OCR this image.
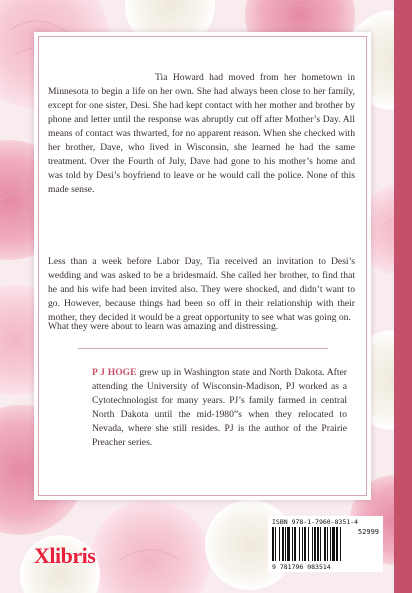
Tia Howard had moved from her hometown in Minnesota to begin a life on her own. She had always been close to her family, except for one sister, Desi. She had kept contact with her mother and brother by phone and letter until the response was abruptly cut off after Mother’s Day. All means of contact was thwarted, for no apparent reason. When she checked with her brother, Dave, who lived in Wisconsin, she learned he had the same treatment. Over the Fourth of July, Dave had gone to his mother’s home and was told by Desi’s boyfriend to leave or he would call the police. None of this made sense.

Less than a week before Labor Day, Tia received an invitation to Desi’s wedding and was asked to be a bridesmaid. She called her brother, to find that he and his wife had been invited also. They were shocked, and didn’t want to go. However, because things had been so off in their relationship with their mother, they decided it would be a great opportunity to see what was going on.

What they were about to learn was amazing and distressing.

P J HOGE grew up in Washington state and North Dakota. After attending the University of Wisconsin-Madison, PJ worked as a Cytotechnologist for many years. PJ’s family farmed in central North Dakota until the mid-1980”s when they relocated to Nevada, where she still resides. PJ is the author of the Prairie Preacher series.

ISBN 978-1-7960-8351-4
52999
9 781796 083514
Xlibris
